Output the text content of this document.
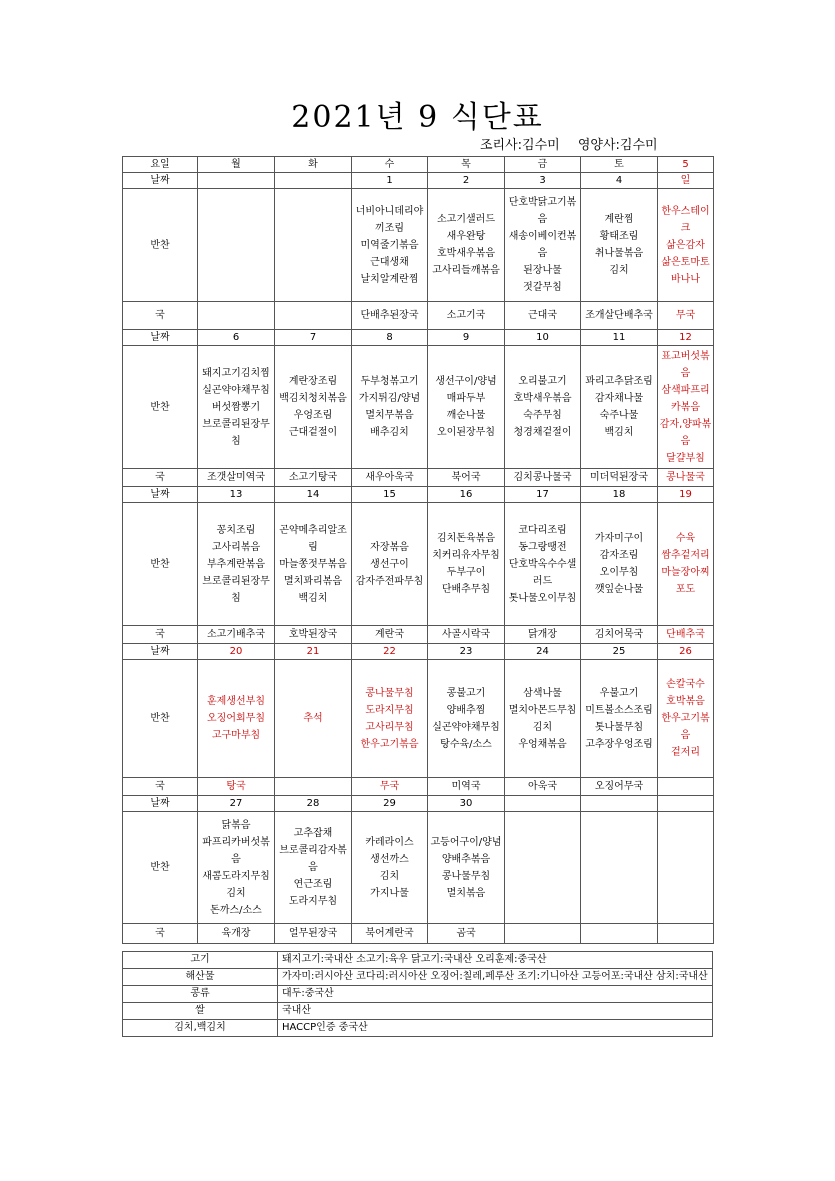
2021년 9 식단표
조리사:김수미 영양사:김수미
요일	월	화	수	목	금	토	5
날짜			1	2	3	4	일
반찬			너비아니데리야끼조림
미역줄기볶음
근대생채
날치알계란찜	소고기샐러드
새우완탕
호박새우볶음
고사리들깨볶음	단호박닭고기볶음
새송이베이컨볶음
된장나물
젓갈무침	계란찜
황태조림
취나물볶음
김치	한우스테이크
삶은감자
삶은토마토
바나나

국			단배추된장국	소고기국	근대국	조개살단배추국	무국
날짜	6	7	8	9	10	11	12
반찬	돼지고기김치찜
실곤약야채무침
버섯짬뽕기
브로콜리된장무침	계란장조림
백김치청치볶음
우엉조림
근대겉절이	두부청볶고기
가지튀김/양념
멸치무볶음
배추김치	생선구이/양념
매파두부
깨순나물
오이된장무침	오리불고기
호박새우볶음
숙주무침
청경채겉절이	꽈리고추닭조림
감자채나물
숙주나물
백김치	표고버섯볶음
삼색파프리카볶음
감자,양파볶음
달걀부침

국	조갯살미역국	소고기탕국	새우아욱국	북어국	김치콩나물국	미더덕된장국	콩나물국
날짜	13	14	15	16	17	18	19
반찬	꽁치조림
고사리볶음
부추계란볶음
브로콜리된장무침	곤약메추리알조림
마늘쫑젓무볶음
멸치꽈리볶음
백김치	자장볶음
생선구이
감자주전파무침	김치돈육볶음
치커리유자무침
두부구이
단배추무침	코다리조림
동그랑땡전
단호박옥수수샐러드
톳나물오이무침	가자미구이
감자조림
오이무침
깻잎순나물	수육
쌈추겉저리
마늘장아찌
포도

국	소고기배추국	호박된장국	계란국	사골시락국	닭개장	김치어묵국	단배추국
날짜	20	21	22	23	24	25	26
반찬	훈제생선부침
오징어회무침
고구마부침	추석	콩나물무침
도라지무침
고사리무침
한우고기볶음	콩불고기
양배추찜
실곤약야채무침
탕수육/소스	삼색나물
멸치아몬드무침
김치
우엉채볶음	우불고기
미트볼소스조림
톳나물무침
고추장우엉조림	손칼국수
호박볶음
한우고기볶음
겉저리

국	탕국		무국	미역국	아욱국	오징어무국	
날짜	27	28	29	30			
반찬	닭볶음
파프리카버섯볶음
새콤도라지무침김치
돈까스/소스	고추잡채
브로콜리감자볶음
연근조림
도라지무침	카레라이스
생선까스
김치
가지나물	고등어구이/양념
양배추볶음
콩나물무침
멸치볶음			

국	육개장	얼무된장국	북어계란국	곰국			
고기	돼지고기:국내산 소고기:육우 닭고기:국내산 오리훈제:중국산
해산물	가자미:러시아산 코다리:러시아산 오징어:칠레,페루산 조기:기니아산 고등어포:국내산 삼치:국내산
콩류	대두:중국산
쌀	국내산
김치,백김치	HACCP인증 중국산
